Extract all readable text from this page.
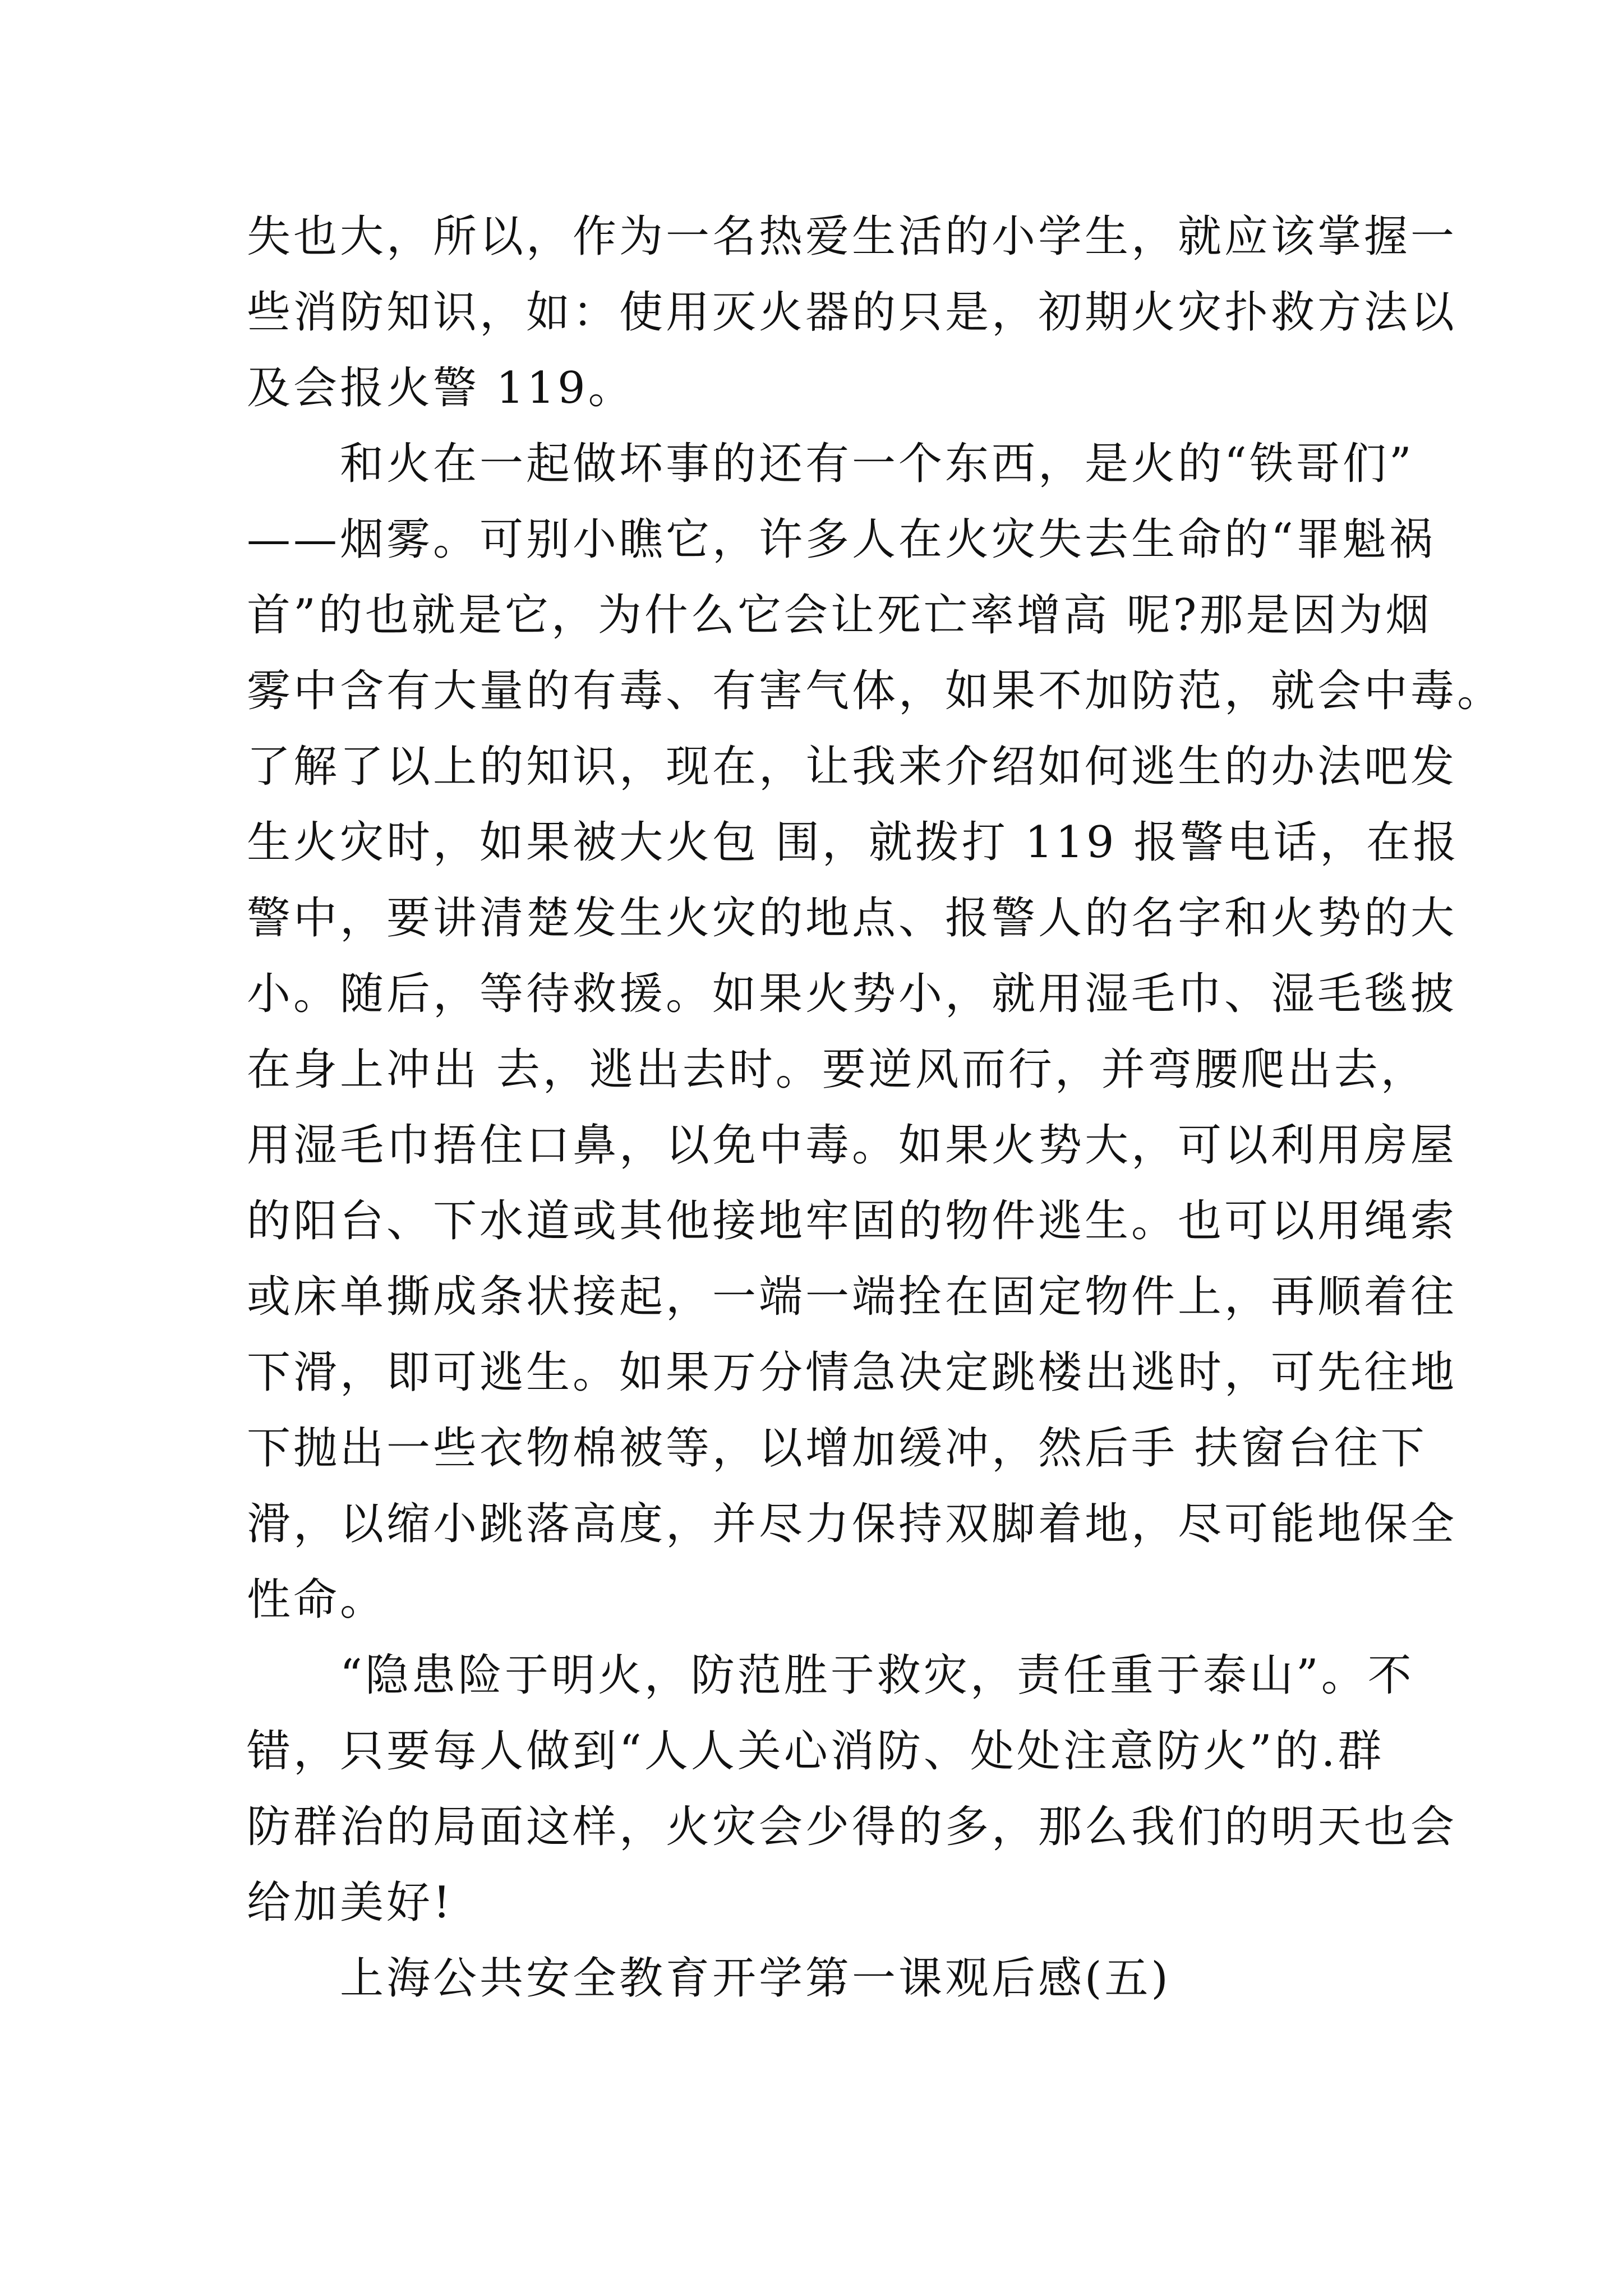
失也大，所以，作为一名热爱生活的小学生，就应该掌握一
些消防知识，如：使用灭火器的只是，初期火灾扑救方法以
及会报火警 119。
　　和火在一起做坏事的还有一个东西，是火的“铁哥们”
——烟雾。可别小瞧它，许多人在火灾失去生命的“罪魁祸
首”的也就是它，为什么它会让死亡率增高 呢?那是因为烟
雾中含有大量的有毒、有害气体，如果不加防范，就会中毒。
了解了以上的知识，现在，让我来介绍如何逃生的办法吧发
生火灾时，如果被大火包 围，就拨打 119 报警电话，在报
警中，要讲清楚发生火灾的地点、报警人的名字和火势的大
小。随后，等待救援。如果火势小，就用湿毛巾、湿毛毯披
在身上冲出 去，逃出去时。要逆风而行，并弯腰爬出去，
用湿毛巾捂住口鼻，以免中毒。如果火势大，可以利用房屋
的阳台、下水道或其他接地牢固的物件逃生。也可以用绳索
或床单撕成条状接起，一端一端拴在固定物件上，再顺着往
下滑，即可逃生。如果万分情急决定跳楼出逃时，可先往地
下抛出一些衣物棉被等，以增加缓冲，然后手 扶窗台往下
滑，以缩小跳落高度，并尽力保持双脚着地，尽可能地保全
性命。
　　“隐患险于明火，防范胜于救灾，责任重于泰山”。不
错，只要每人做到“人人关心消防、处处注意防火”的.群
防群治的局面这样，火灾会少得的多，那么我们的明天也会
给加美好!
　　上海公共安全教育开学第一课观后感(五)
